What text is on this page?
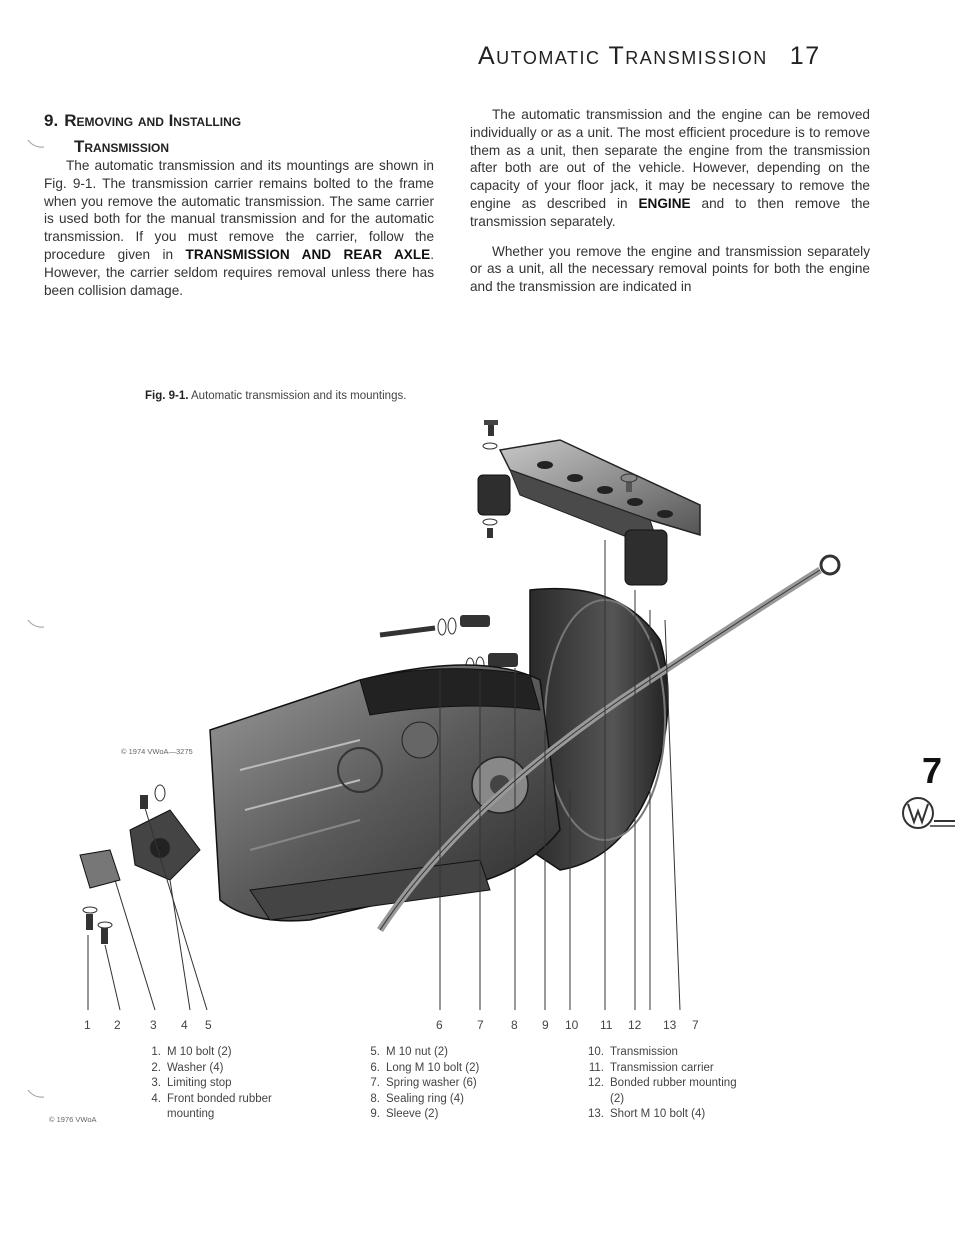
Automatic Transmission 17
9. Removing and Installing
Transmission

The automatic transmission and its mountings are shown in Fig. 9-1. The transmission carrier remains bolted to the frame when you remove the automatic transmission. The same carrier is used both for the manual transmission and for the automatic transmission. If you must remove the carrier, follow the procedure given in TRANSMISSION AND REAR AXLE. However, the carrier seldom requires removal unless there has been collision damage.

The automatic transmission and the engine can be removed individually or as a unit. The most efficient procedure is to remove them as a unit, then separate the engine from the transmission after both are out of the vehicle. However, depending on the capacity of your floor jack, it may be necessary to remove the engine as described in ENGINE and to then remove the transmission separately.

Whether you remove the engine and transmission separately or as a unit, all the necessary removal points for both the engine and the transmission are indicated in

Fig. 9-1. Automatic transmission and its mountings.
© 1974 VWoA—3275
1 2 3 4 5	6	7 8 9 10 11 12 13 7
1. M 10 bolt (2)
2. Washer (4)
3. Limiting stop
4. Front bonded rubber
mounting
5. M 10 nut (2)
6. Long M 10 bolt (2)
7. Spring washer (6)
8. Sealing ring (4)
9. Sleeve (2)
10. Transmission
11. Transmission carrier
12. Bonded rubber mounting
(2)
13. Short M 10 bolt (4)
© 1976 VWoA
7
